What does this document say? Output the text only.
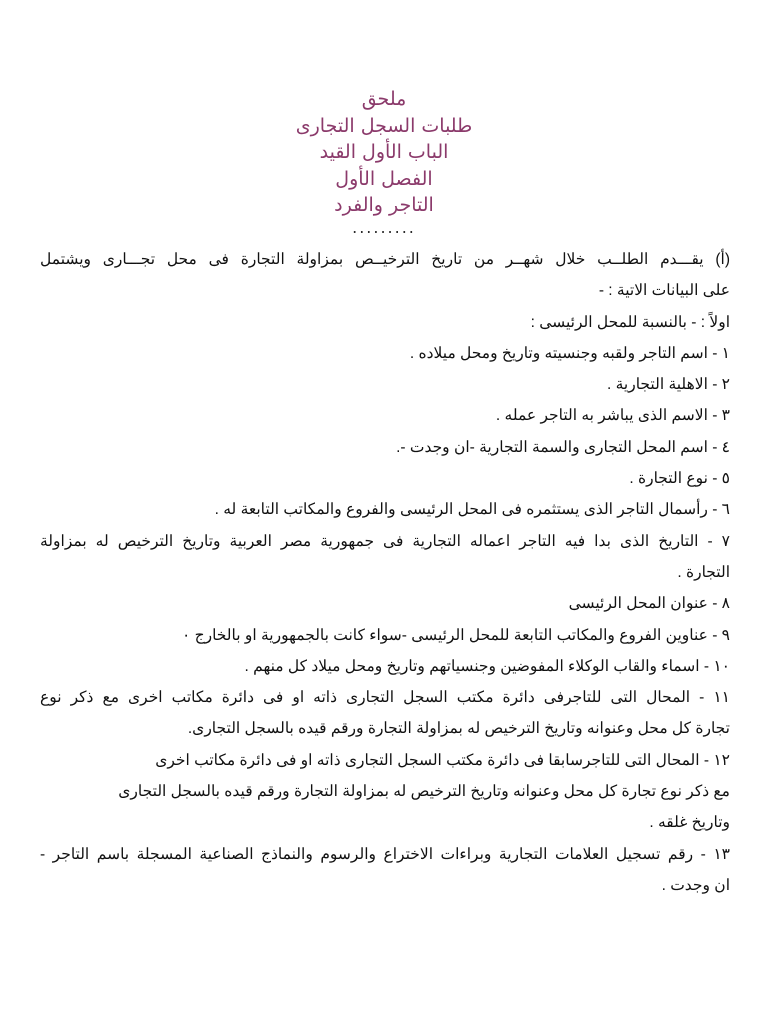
ملحق
طلبات السجل التجارى
الباب الأول القيد
الفصل الأول
التاجر والفرد
.........
(أ) يقـــدم الطلــب خلال شهــر من تاريخ الترخيــص بمزاولة التجارة فى محل تجـــارى ويشتمل
على البيانات الاتية : -
اولاً : - بالنسبة للمحل الرئيسى :
١ - اسم التاجر ولقبه وجنسيته وتاريخ ومحل ميلاده .
٢ - الاهلية التجارية .
٣ - الاسم الذى يباشر به التاجر عمله .
٤ - اسم المحل التجارى والسمة التجارية -ان وجدت -.
٥ - نوع التجارة .
٦ - رأسمال التاجر الذى يستثمره فى المحل الرئيسى والفروع والمكاتب التابعة له .
٧ - التاريخ الذى بدا فيه التاجر اعماله التجارية فى جمهورية مصر العربية وتاريخ الترخيص له بمزاولة
التجارة .
٨ - عنوان المحل الرئيسى
٩ - عناوين الفروع والمكاتب التابعة للمحل الرئيسى -سواء كانت بالجمهورية او بالخارج ٠
١٠ - اسماء والقاب الوكلاء المفوضين وجنسياتهم وتاريخ ومحل ميلاد كل منهم .
١١ - المحال التى للتاجرفى دائرة مكتب السجل التجارى ذاته او فى دائرة مكاتب اخرى مع ذكر نوع
تجارة كل محل وعنوانه وتاريخ الترخيص له بمزاولة التجارة ورقم قيده بالسجل التجارى.
١٢ - المحال التى للتاجرسابقا فى دائرة مكتب السجل التجارى ذاته او فى دائرة مكاتب اخرى
مع ذكر نوع تجارة كل محل وعنوانه وتاريخ الترخيص له بمزاولة التجارة ورقم قيده بالسجل التجارى
وتاريخ غلقه .
١٣ - رقم تسجيل العلامات التجارية وبراءات الاختراع والرسوم والنماذج الصناعية المسجلة باسم التاجر -
ان وجدت .
